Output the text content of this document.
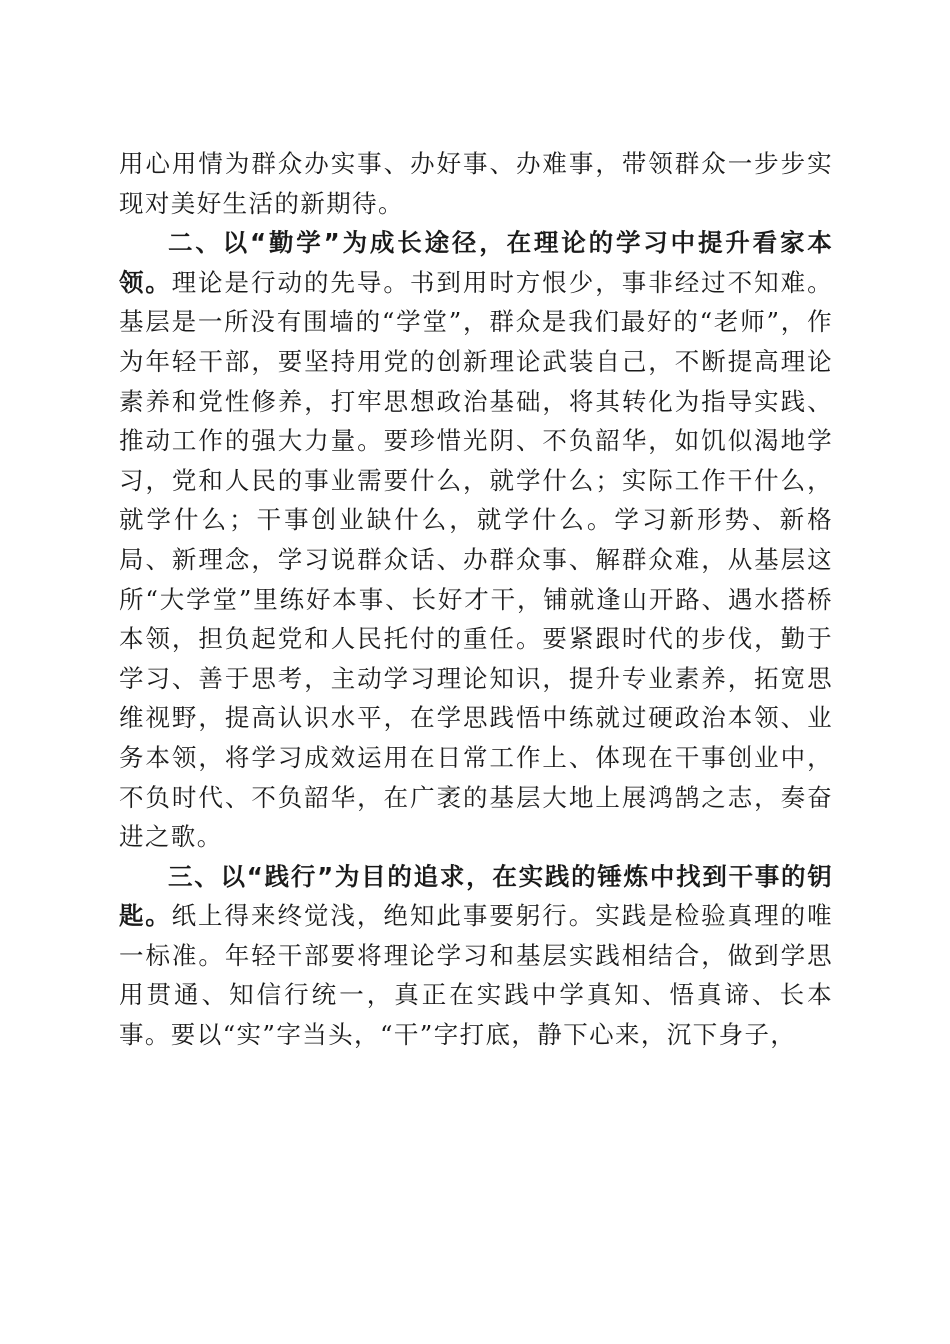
用心用情为群众办实事、办好事、办难事，带领群众一步步实现对美好生活的新期待。

二、以“勤学”为成长途径，在理论的学习中提升看家本领。理论是行动的先导。书到用时方恨少，事非经过不知难。基层是一所没有围墙的“学堂”，群众是我们最好的“老师”，作为年轻干部，要坚持用党的创新理论武装自己，不断提高理论素养和党性修养，打牢思想政治基础，将其转化为指导实践、推动工作的强大力量。要珍惜光阴、不负韶华，如饥似渴地学习，党和人民的事业需要什么，就学什么；实际工作干什么，就学什么；干事创业缺什么，就学什么。学习新形势、新格局、新理念，学习说群众话、办群众事、解群众难，从基层这所“大学堂”里练好本事、长好才干，铺就逢山开路、遇水搭桥本领，担负起党和人民托付的重任。要紧跟时代的步伐，勤于学习、善于思考，主动学习理论知识，提升专业素养，拓宽思维视野，提高认识水平，在学思践悟中练就过硬政治本领、业务本领，将学习成效运用在日常工作上、体现在干事创业中，不负时代、不负韶华，在广袤的基层大地上展鸿鹄之志，奏奋进之歌。

三、以“践行”为目的追求，在实践的锤炼中找到干事的钥匙。纸上得来终觉浅，绝知此事要躬行。实践是检验真理的唯一标准。年轻干部要将理论学习和基层实践相结合，做到学思用贯通、知信行统一，真正在实践中学真知、悟真谛、长本事。要以“实”字当头，“干”字打底，静下心来，沉下身子，
